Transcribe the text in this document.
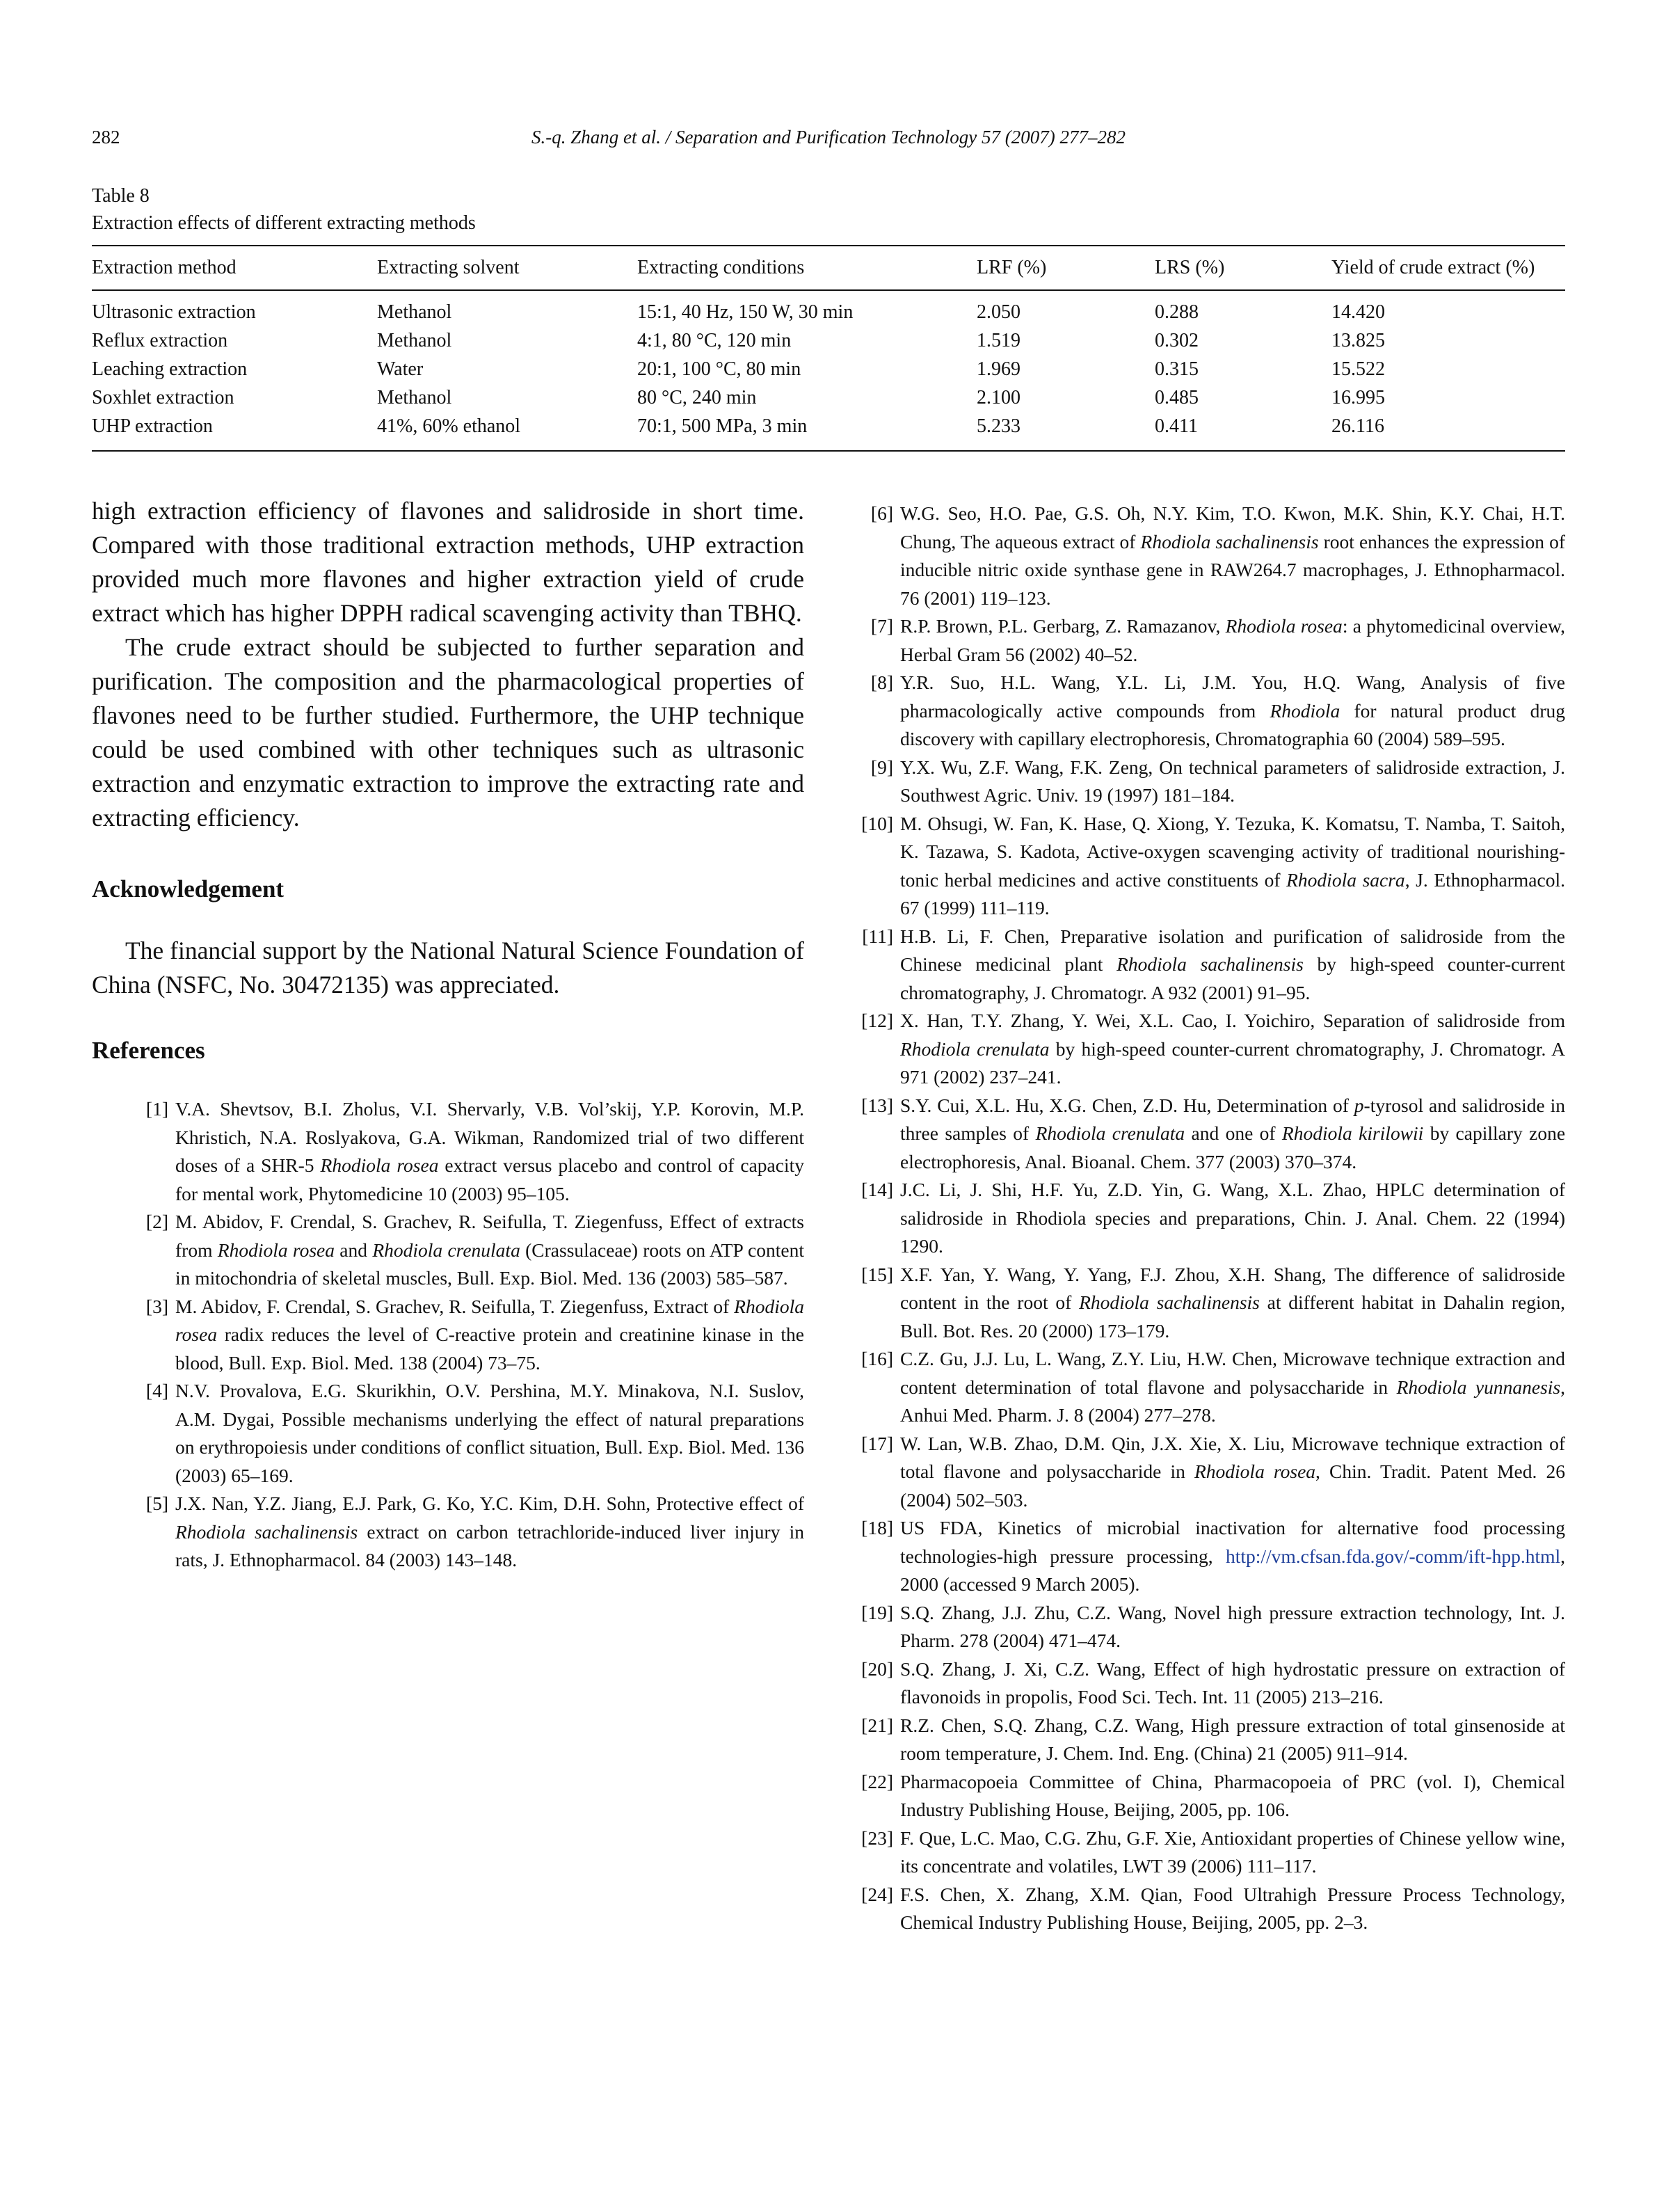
282	S.-q. Zhang et al. / Separation and Purification Technology 57 (2007) 277–282
Table 8
Extraction effects of different extracting methods
Extraction method	Extracting solvent	Extracting conditions	LRF (%)	LRS (%)	Yield of crude extract (%)
Ultrasonic extraction	Methanol	15:1, 40 Hz, 150 W, 30 min	2.050	0.288	14.420
Reflux extraction	Methanol	4:1, 80 °C, 120 min	1.519	0.302	13.825
Leaching extraction	Water	20:1, 100 °C, 80 min	1.969	0.315	15.522
Soxhlet extraction	Methanol	80 °C, 240 min	2.100	0.485	16.995
UHP extraction	41%, 60% ethanol	70:1, 500 MPa, 3 min	5.233	0.411	26.116

high extraction efficiency of flavones and salidroside in short time. Compared with those traditional extraction methods, UHP extraction provided much more flavones and higher extraction yield of crude extract which has higher DPPH radical scavenging activity than TBHQ.

The crude extract should be subjected to further separation and purification. The composition and the pharmacological properties of flavones need to be further studied. Furthermore, the UHP technique could be used combined with other techniques such as ultrasonic extraction and enzymatic extraction to improve the extracting rate and extracting efficiency.

Acknowledgement

The financial support by the National Natural Science Foundation of China (NSFC, No. 30472135) was appreciated.

References
[1] V.A. Shevtsov, B.I. Zholus, V.I. Shervarly, V.B. Vol’skij, Y.P. Korovin, M.P. Khristich, N.A. Roslyakova, G.A. Wikman, Randomized trial of two different doses of a SHR-5 Rhodiola rosea extract versus placebo and control of capacity for mental work, Phytomedicine 10 (2003) 95–105.
[2] M. Abidov, F. Crendal, S. Grachev, R. Seifulla, T. Ziegenfuss, Effect of extracts from Rhodiola rosea and Rhodiola crenulata (Crassulaceae) roots on ATP content in mitochondria of skeletal muscles, Bull. Exp. Biol. Med. 136 (2003) 585–587.
[3] M. Abidov, F. Crendal, S. Grachev, R. Seifulla, T. Ziegenfuss, Extract of Rhodiola rosea radix reduces the level of C-reactive protein and creatinine kinase in the blood, Bull. Exp. Biol. Med. 138 (2004) 73–75.
[4] N.V. Provalova, E.G. Skurikhin, O.V. Pershina, M.Y. Minakova, N.I. Suslov, A.M. Dygai, Possible mechanisms underlying the effect of natural preparations on erythropoiesis under conditions of conflict situation, Bull. Exp. Biol. Med. 136 (2003) 65–169.
[5] J.X. Nan, Y.Z. Jiang, E.J. Park, G. Ko, Y.C. Kim, D.H. Sohn, Protective effect of Rhodiola sachalinensis extract on carbon tetrachloride-induced liver injury in rats, J. Ethnopharmacol. 84 (2003) 143–148.
[6] W.G. Seo, H.O. Pae, G.S. Oh, N.Y. Kim, T.O. Kwon, M.K. Shin, K.Y. Chai, H.T. Chung, The aqueous extract of Rhodiola sachalinensis root enhances the expression of inducible nitric oxide synthase gene in RAW264.7 macrophages, J. Ethnopharmacol. 76 (2001) 119–123.
[7] R.P. Brown, P.L. Gerbarg, Z. Ramazanov, Rhodiola rosea: a phytomedicinal overview, Herbal Gram 56 (2002) 40–52.
[8] Y.R. Suo, H.L. Wang, Y.L. Li, J.M. You, H.Q. Wang, Analysis of five pharmacologically active compounds from Rhodiola for natural product drug discovery with capillary electrophoresis, Chromatographia 60 (2004) 589–595.
[9] Y.X. Wu, Z.F. Wang, F.K. Zeng, On technical parameters of salidroside extraction, J. Southwest Agric. Univ. 19 (1997) 181–184.
[10] M. Ohsugi, W. Fan, K. Hase, Q. Xiong, Y. Tezuka, K. Komatsu, T. Namba, T. Saitoh, K. Tazawa, S. Kadota, Active-oxygen scavenging activity of traditional nourishing-tonic herbal medicines and active constituents of Rhodiola sacra, J. Ethnopharmacol. 67 (1999) 111–119.
[11] H.B. Li, F. Chen, Preparative isolation and purification of salidroside from the Chinese medicinal plant Rhodiola sachalinensis by high-speed counter-current chromatography, J. Chromatogr. A 932 (2001) 91–95.
[12] X. Han, T.Y. Zhang, Y. Wei, X.L. Cao, I. Yoichiro, Separation of salidroside from Rhodiola crenulata by high-speed counter-current chromatography, J. Chromatogr. A 971 (2002) 237–241.
[13] S.Y. Cui, X.L. Hu, X.G. Chen, Z.D. Hu, Determination of p-tyrosol and salidroside in three samples of Rhodiola crenulata and one of Rhodiola kirilowii by capillary zone electrophoresis, Anal. Bioanal. Chem. 377 (2003) 370–374.
[14] J.C. Li, J. Shi, H.F. Yu, Z.D. Yin, G. Wang, X.L. Zhao, HPLC determination of salidroside in Rhodiola species and preparations, Chin. J. Anal. Chem. 22 (1994) 1290.
[15] X.F. Yan, Y. Wang, Y. Yang, F.J. Zhou, X.H. Shang, The difference of salidroside content in the root of Rhodiola sachalinensis at different habitat in Dahalin region, Bull. Bot. Res. 20 (2000) 173–179.
[16] C.Z. Gu, J.J. Lu, L. Wang, Z.Y. Liu, H.W. Chen, Microwave technique extraction and content determination of total flavone and polysaccharide in Rhodiola yunnanesis, Anhui Med. Pharm. J. 8 (2004) 277–278.
[17] W. Lan, W.B. Zhao, D.M. Qin, J.X. Xie, X. Liu, Microwave technique extraction of total flavone and polysaccharide in Rhodiola rosea, Chin. Tradit. Patent Med. 26 (2004) 502–503.
[18] US FDA, Kinetics of microbial inactivation for alternative food processing technologies-high pressure processing, http://vm.cfsan.fda.gov/-comm/ift-hpp.html, 2000 (accessed 9 March 2005).
[19] S.Q. Zhang, J.J. Zhu, C.Z. Wang, Novel high pressure extraction technology, Int. J. Pharm. 278 (2004) 471–474.
[20] S.Q. Zhang, J. Xi, C.Z. Wang, Effect of high hydrostatic pressure on extraction of flavonoids in propolis, Food Sci. Tech. Int. 11 (2005) 213–216.
[21] R.Z. Chen, S.Q. Zhang, C.Z. Wang, High pressure extraction of total ginsenoside at room temperature, J. Chem. Ind. Eng. (China) 21 (2005) 911–914.
[22] Pharmacopoeia Committee of China, Pharmacopoeia of PRC (vol. I), Chemical Industry Publishing House, Beijing, 2005, pp. 106.
[23] F. Que, L.C. Mao, C.G. Zhu, G.F. Xie, Antioxidant properties of Chinese yellow wine, its concentrate and volatiles, LWT 39 (2006) 111–117.
[24] F.S. Chen, X. Zhang, X.M. Qian, Food Ultrahigh Pressure Process Technology, Chemical Industry Publishing House, Beijing, 2005, pp. 2–3.
